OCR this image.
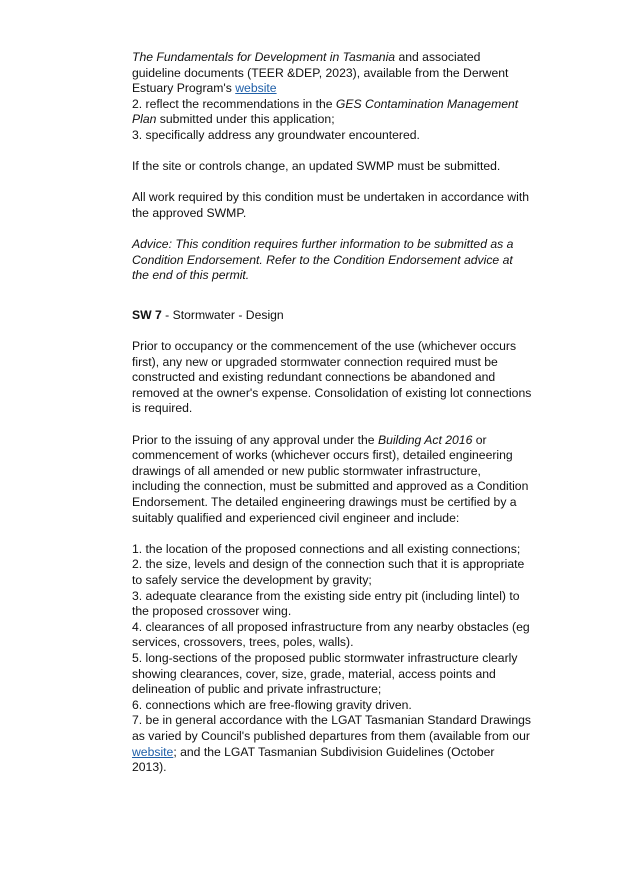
The Fundamentals for Development in Tasmania and associated guideline documents (TEER &DEP, 2023), available from the Derwent Estuary Program's website

2. reflect the recommendations in the GES Contamination Management Plan submitted under this application;

3. specifically address any groundwater encountered.

If the site or controls change, an updated SWMP must be submitted.

All work required by this condition must be undertaken in accordance with the approved SWMP.

Advice: This condition requires further information to be submitted as a Condition Endorsement. Refer to the Condition Endorsement advice at the end of this permit.

SW 7 - Stormwater - Design

Prior to occupancy or the commencement of the use (whichever occurs first), any new or upgraded stormwater connection required must be constructed and existing redundant connections be abandoned and removed at the owner's expense. Consolidation of existing lot connections is required.

Prior to the issuing of any approval under the Building Act 2016 or commencement of works (whichever occurs first), detailed engineering drawings of all amended or new public stormwater infrastructure, including the connection, must be submitted and approved as a Condition Endorsement. The detailed engineering drawings must be certified by a suitably qualified and experienced civil engineer and include:

1. the location of the proposed connections and all existing connections;

2. the size, levels and design of the connection such that it is appropriate to safely service the development by gravity;

3. adequate clearance from the existing side entry pit (including lintel) to the proposed crossover wing.

4. clearances of all proposed infrastructure from any nearby obstacles (eg services, crossovers, trees, poles, walls).

5. long-sections of the proposed public stormwater infrastructure clearly showing clearances, cover, size, grade, material, access points and delineation of public and private infrastructure;

6. connections which are free-flowing gravity driven.

7. be in general accordance with the LGAT Tasmanian Standard Drawings as varied by Council's published departures from them (available from our website; and the LGAT Tasmanian Subdivision Guidelines (October 2013).
